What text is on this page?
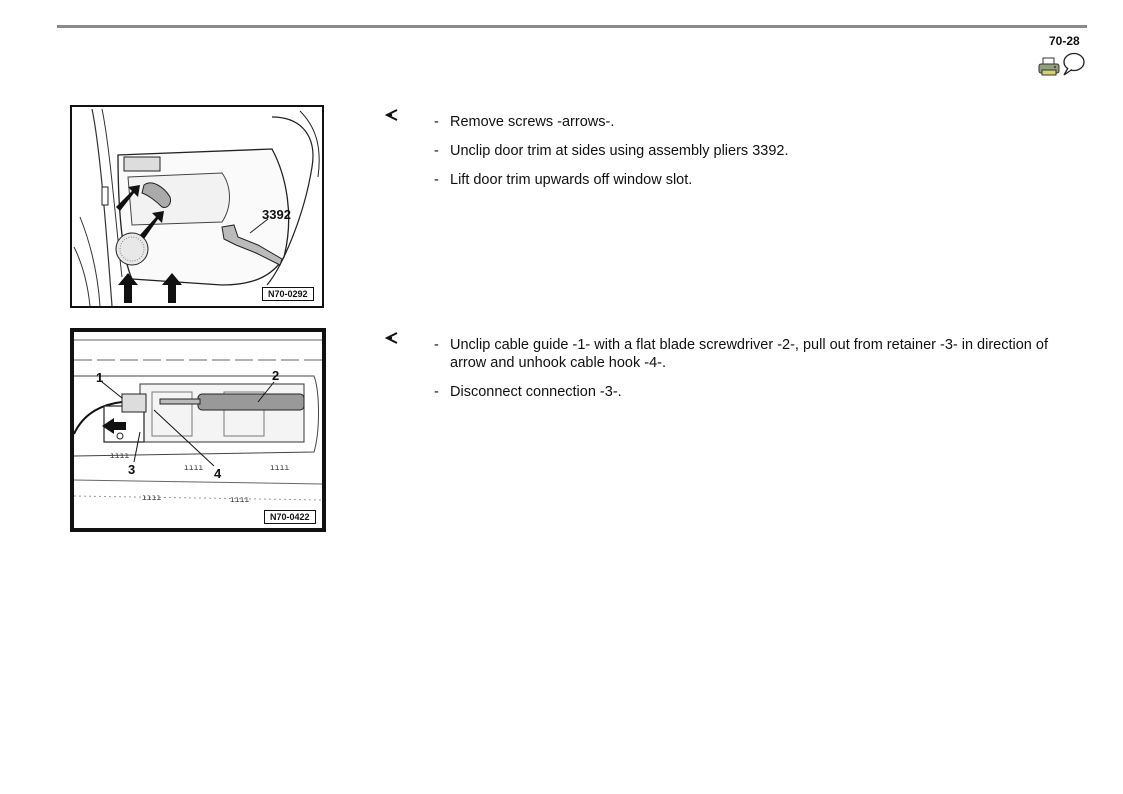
70-28
3392
N70-0292
- Remove screws -arrows-.
- Unclip door trim at sides using assembly pliers 3392.
- Lift door trim upwards off window slot.
ıııı	ıııı
ıııı
ıııı	ıııı
1	2
3	4
N70-0422
- Unclip cable guide -1- with a flat blade screwdriver -2-, pull out from retainer -3- in direction of arrow and unhook cable hook -4-.
- Disconnect connection -3-.
